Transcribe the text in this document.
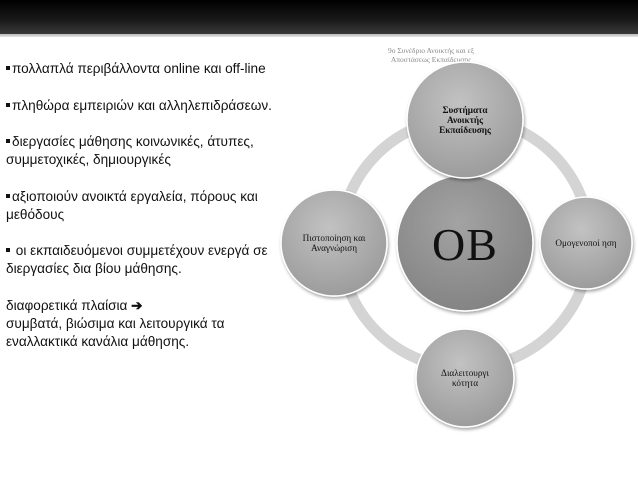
πολλαπλά περιβάλλοντα online και off-line

πληθώρα εμπειριών και αλληλεπιδράσεων.

διεργασίες μάθησης κοινωνικές, άτυπες, συμμετοχικές, δημιουργικές

αξιοποιούν ανοικτά εργαλεία, πόρους και μεθόδους

οι εκπαιδευόμενοι συμμετέχουν ενεργά σε διεργασίες δια βίου μάθησης.

διαφορετικά πλαίσια ➔
συμβατά, βιώσιμα και λειτουργικά τα εναλλακτικά κανάλια μάθησης.

9ο Συνέδριο Ανοικτής και εξ Αποστάσεως Εκπαίδευσης
Συστήματα Ανοικτής Εκπαίδευσης
Ομογενοποί ηση
Διαλειτουργι κότητα
Πιστοποίηση και Αναγνώριση	ΟΒ
